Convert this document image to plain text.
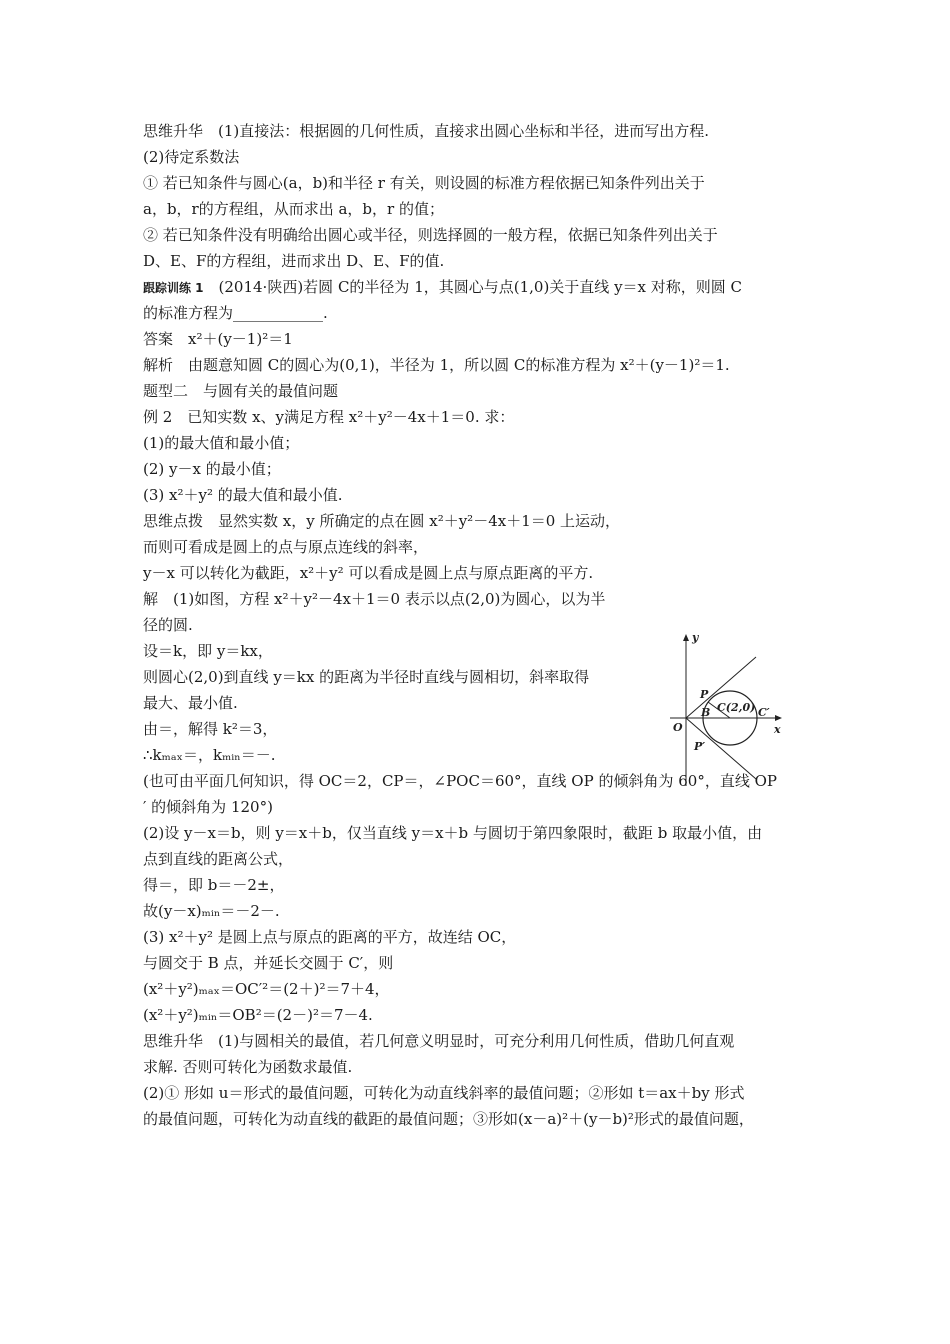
思维升华　(1)直接法：根据圆的几何性质，直接求出圆心坐标和半径，进而写出方程.
(2)待定系数法
① 若已知条件与圆心(a，b)和半径 r 有关，则设圆的标准方程依据已知条件列出关于
a，b，r的方程组，从而求出 a，b，r 的值；
② 若已知条件没有明确给出圆心或半径，则选择圆的一般方程，依据已知条件列出关于
D、E、F的方程组，进而求出 D、E、F的值.
跟踪训练 1　(2014·陕西)若圆 C的半径为 1，其圆心与点(1,0)关于直线 y＝x 对称，则圆 C
的标准方程为____________.
答案　x²＋(y－1)²＝1
解析　由题意知圆 C的圆心为(0,1)，半径为 1，所以圆 C的标准方程为 x²＋(y－1)²＝1.
题型二　与圆有关的最值问题
例 2　已知实数 x、y满足方程 x²＋y²－4x＋1＝0. 求：
(1)的最大值和最小值；
(2) y－x 的最小值；
(3) x²＋y² 的最大值和最小值.
思维点拨　显然实数 x，y 所确定的点在圆 x²＋y²－4x＋1＝0 上运动，
而则可看成是圆上的点与原点连线的斜率，
y－x 可以转化为截距，x²＋y² 可以看成是圆上点与原点距离的平方.
解　(1)如图，方程 x²＋y²－4x＋1＝0 表示以点(2,0)为圆心，以为半
径的圆.
设＝k，即 y＝kx，
则圆心(2,0)到直线 y＝kx 的距离为半径时直线与圆相切，斜率取得
最大、最小值.
由＝，解得 k²＝3，
∴kₘₐₓ＝，kₘᵢₙ＝－.
(也可由平面几何知识，得 OC＝2，CP＝，∠POC＝60°，直线 OP 的倾斜角为 60°，直线 OP
′ 的倾斜角为 120°)
(2)设 y－x＝b，则 y＝x＋b，仅当直线 y＝x＋b 与圆切于第四象限时，截距 b 取最小值，由
点到直线的距离公式，
得＝，即 b＝－2±，
故(y－x)ₘᵢₙ＝－2－.
(3) x²＋y² 是圆上点与原点的距离的平方，故连结 OC，
与圆交于 B 点，并延长交圆于 C′，则
(x²＋y²)ₘₐₓ＝OC′²＝(2＋)²＝7＋4，
(x²＋y²)ₘᵢₙ＝OB²＝(2－)²＝7－4.
思维升华　(1)与圆相关的最值，若几何意义明显时，可充分利用几何性质，借助几何直观
求解. 否则可转化为函数求最值.
(2)① 形如 u＝形式的最值问题，可转化为动直线斜率的最值问题；②形如 t＝ax＋by 形式
的最值问题，可转化为动直线的截距的最值问题；③形如(x－a)²＋(y－b)²形式的最值问题，
y
x
O
P
B C(2,0) C′
P′
